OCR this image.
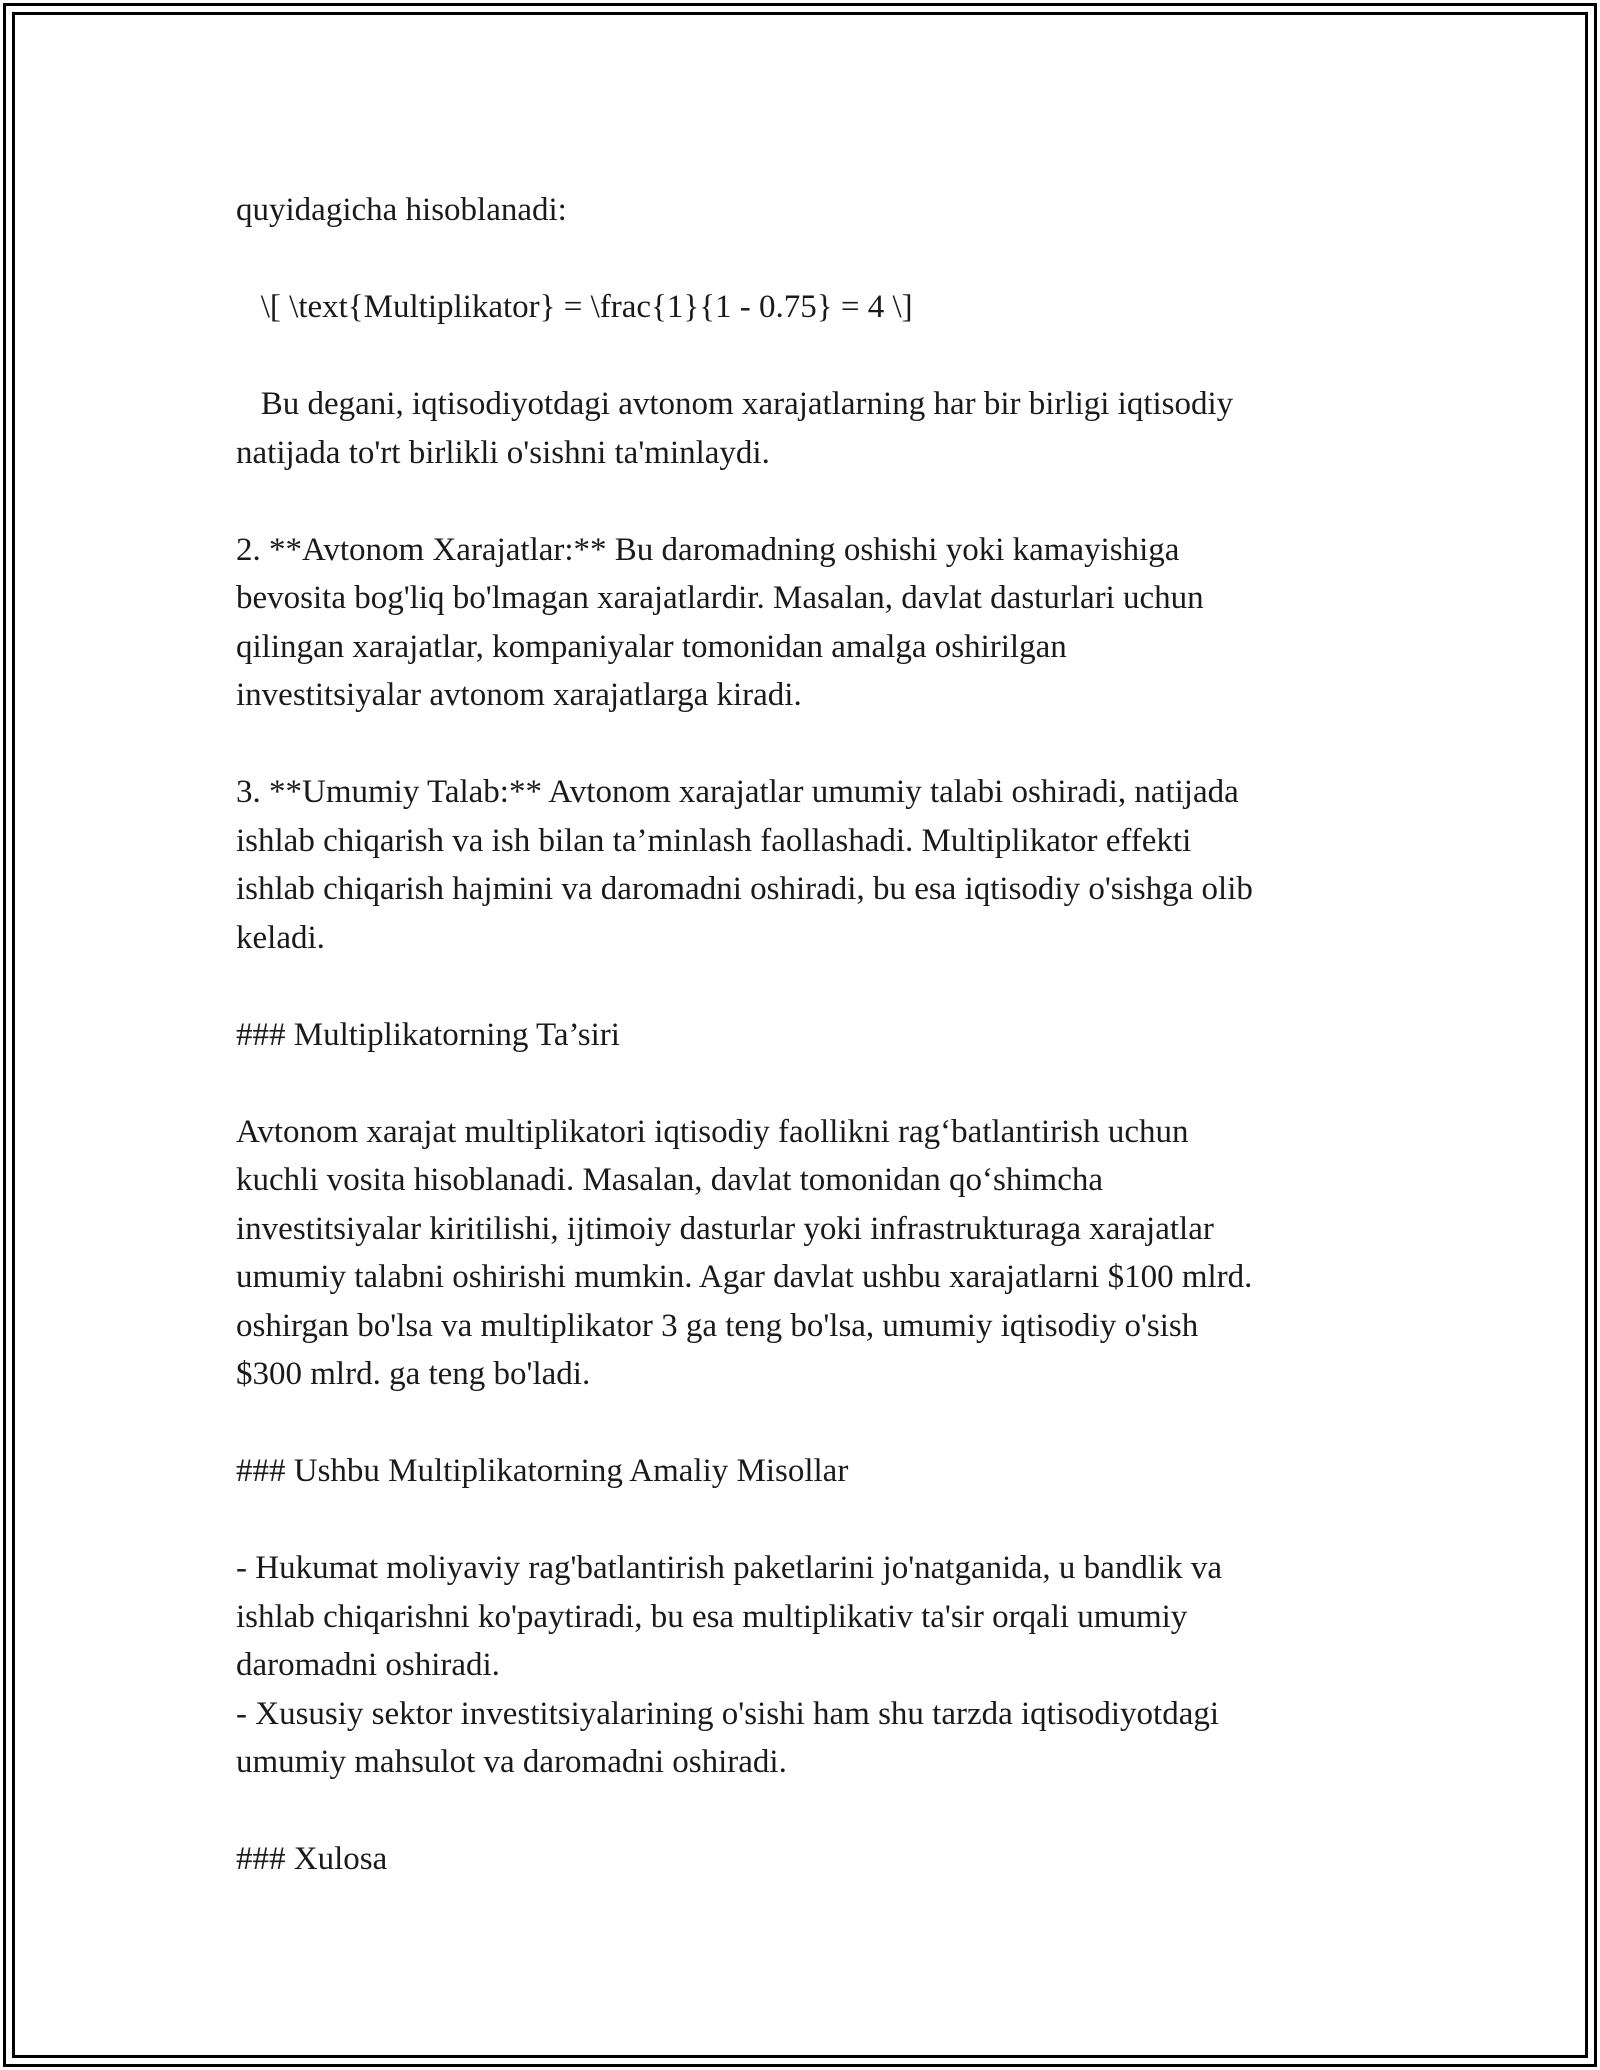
quyidagicha hisoblanadi:
\[ \text{Multiplikator} = \frac{1}{1 - 0.75} = 4 \]
Bu degani, iqtisodiyotdagi avtonom xarajatlarning har bir birligi iqtisodiy
natijada to'rt birlikli o'sishni ta'minlaydi.
2. **Avtonom Xarajatlar:** Bu daromadning oshishi yoki kamayishiga
bevosita bog'liq bo'lmagan xarajatlardir. Masalan, davlat dasturlari uchun
qilingan xarajatlar, kompaniyalar tomonidan amalga oshirilgan
investitsiyalar avtonom xarajatlarga kiradi.
3. **Umumiy Talab:** Avtonom xarajatlar umumiy talabi oshiradi, natijada
ishlab chiqarish va ish bilan ta’minlash faollashadi. Multiplikator effekti
ishlab chiqarish hajmini va daromadni oshiradi, bu esa iqtisodiy o'sishga olib
keladi.
### Multiplikatorning Ta’siri
Avtonom xarajat multiplikatori iqtisodiy faollikni rag‘batlantirish uchun
kuchli vosita hisoblanadi. Masalan, davlat tomonidan qo‘shimcha
investitsiyalar kiritilishi, ijtimoiy dasturlar yoki infrastrukturaga xarajatlar
umumiy talabni oshirishi mumkin. Agar davlat ushbu xarajatlarni $100 mlrd.
oshirgan bo'lsa va multiplikator 3 ga teng bo'lsa, umumiy iqtisodiy o'sish
$300 mlrd. ga teng bo'ladi.
### Ushbu Multiplikatorning Amaliy Misollar
- Hukumat moliyaviy rag'batlantirish paketlarini jo'natganida, u bandlik va
ishlab chiqarishni ko'paytiradi, bu esa multiplikativ ta'sir orqali umumiy
daromadni oshiradi.
- Xususiy sektor investitsiyalarining o'sishi ham shu tarzda iqtisodiyotdagi
umumiy mahsulot va daromadni oshiradi.
### Xulosa
